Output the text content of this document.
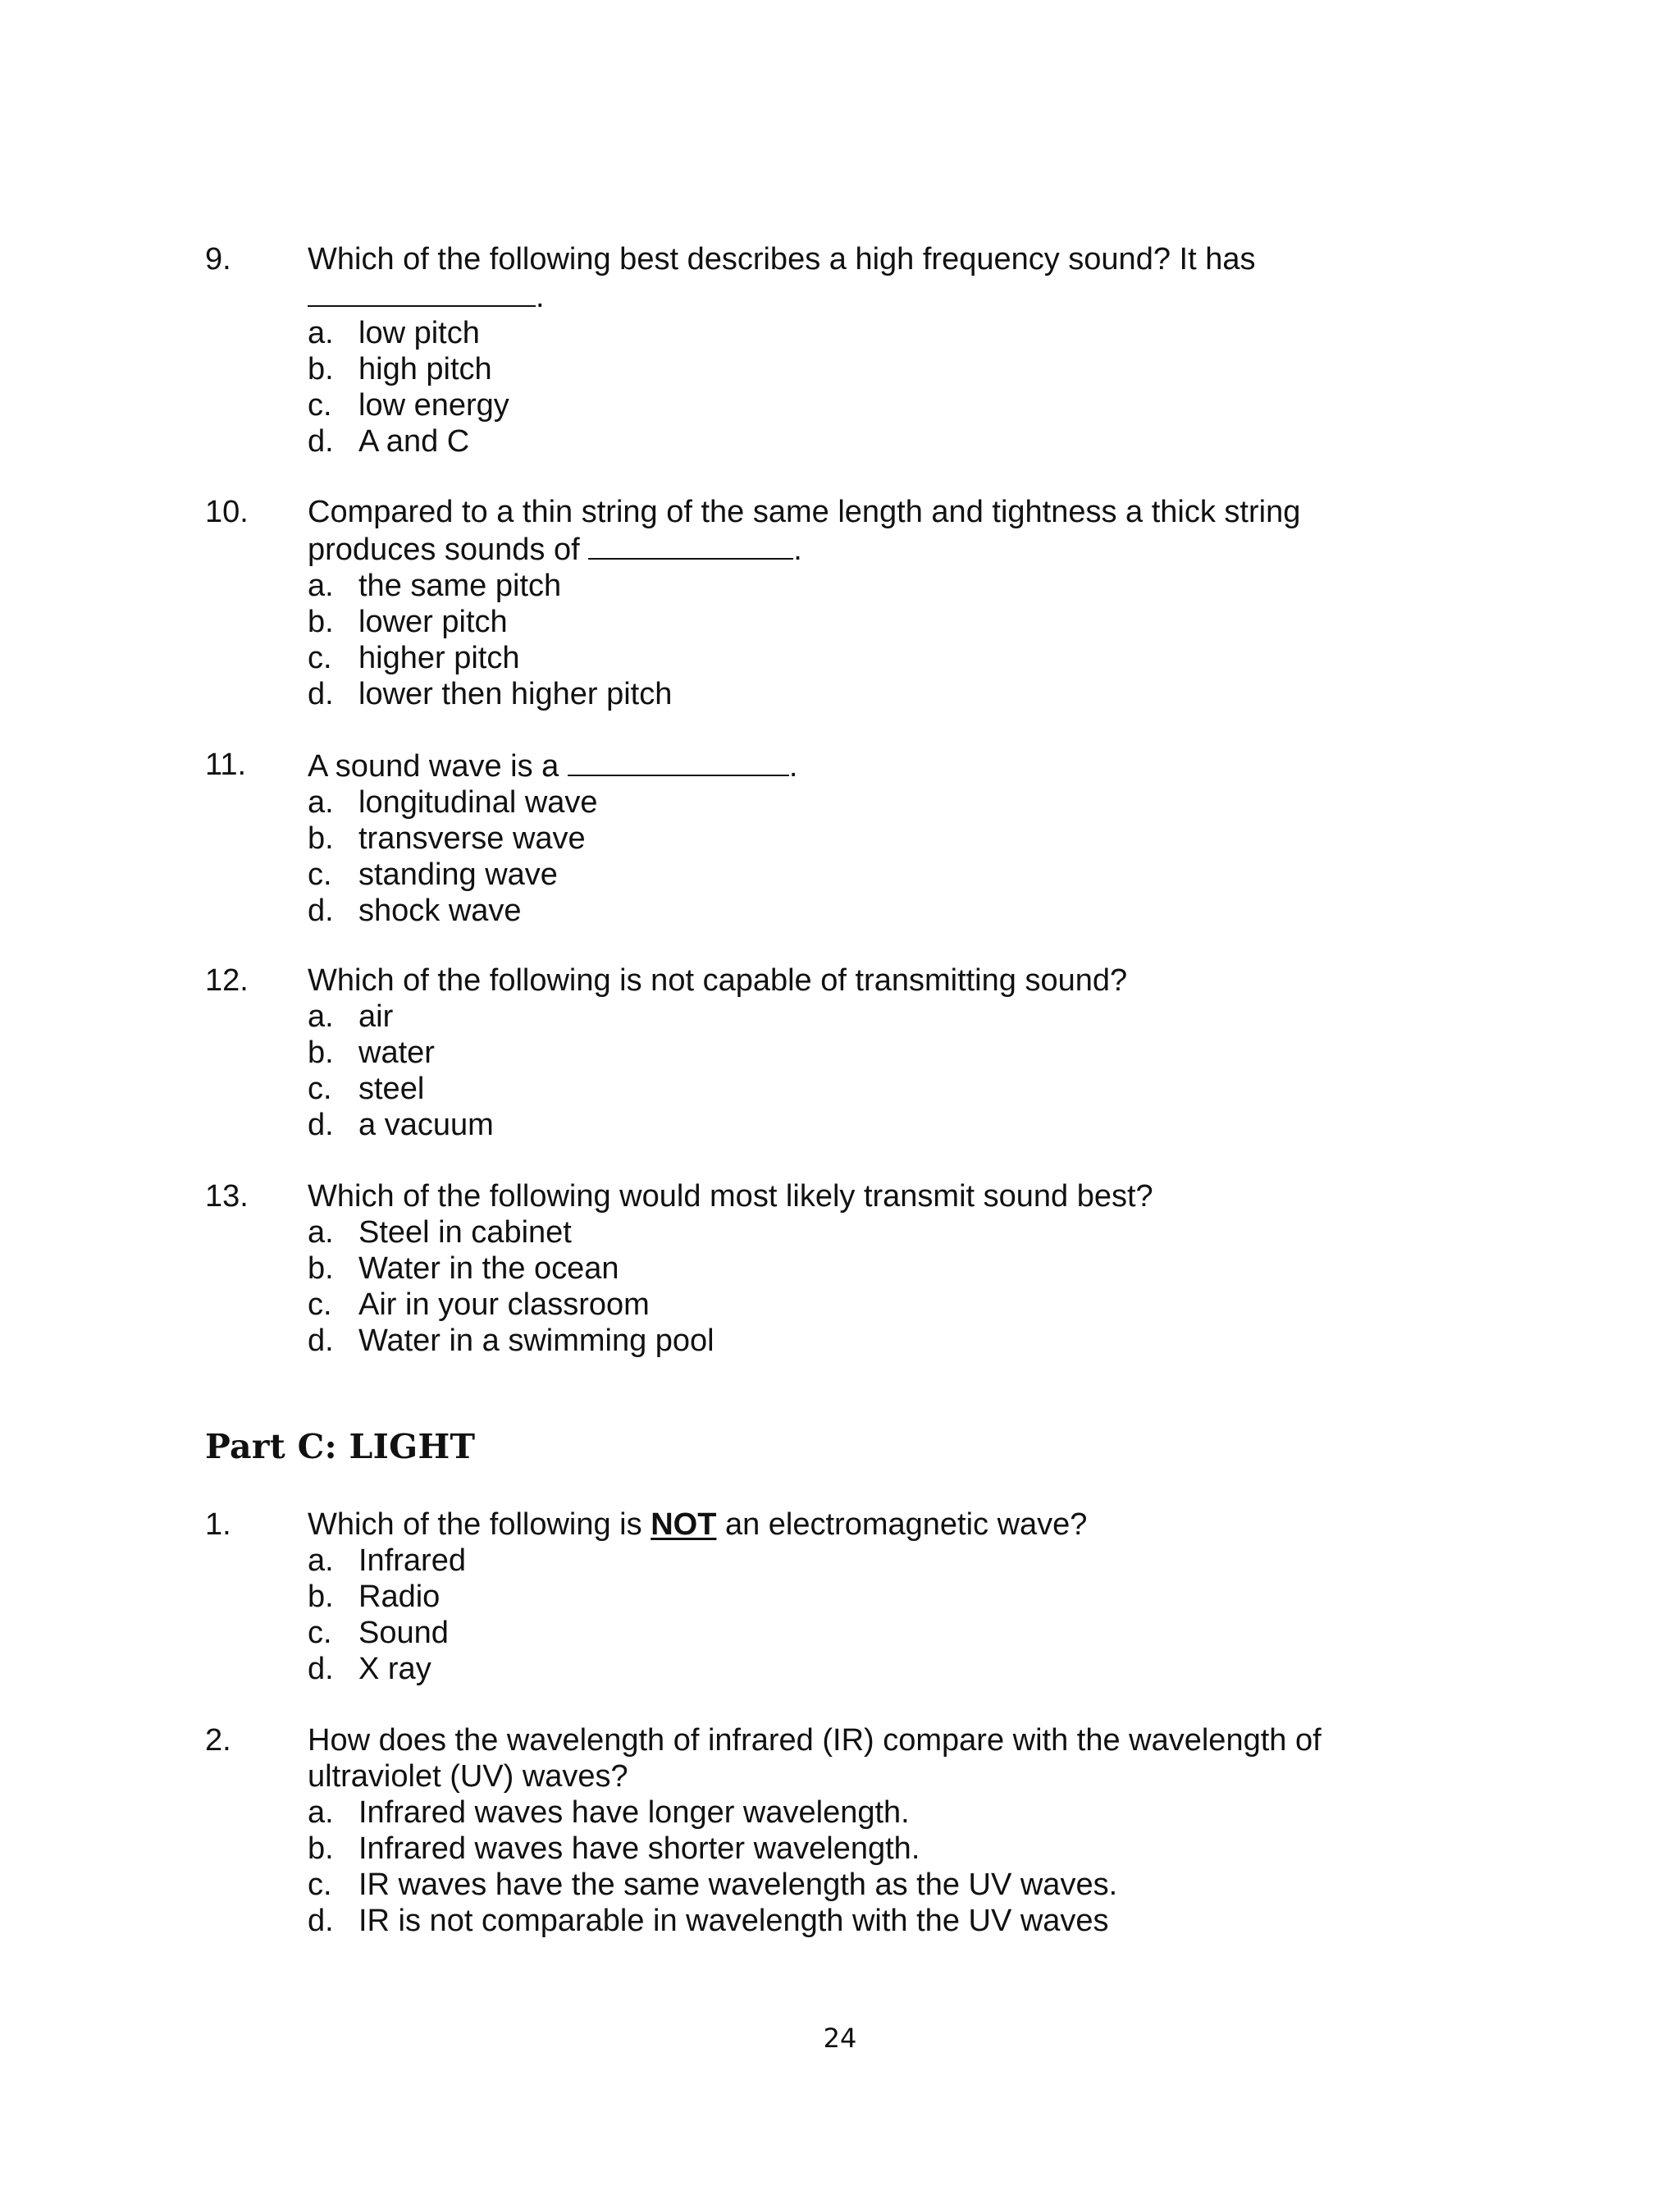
9.	Which of the following best describes a high frequency sound? It has
.
a. low pitch
b. high pitch
c. low energy
d. A and C
10.	Compared to a thin string of the same length and tightness a thick string
produces sounds of	.
a. the same pitch
b. lower pitch
c. higher pitch
d. lower then higher pitch
11.	A sound wave is a	.
a. longitudinal wave
b. transverse wave
c. standing wave
d. shock wave
12.	Which of the following is not capable of transmitting sound?
a. air
b. water
c. steel
d. a vacuum
13.	Which of the following would most likely transmit sound best?
a. Steel in cabinet
b. Water in the ocean
c. Air in your classroom
d. Water in a swimming pool
Part C: LIGHT
1.	Which of the following is NOT an electromagnetic wave?
a. Infrared
b. Radio
c. Sound
d. X ray
2.	How does the wavelength of infrared (IR) compare with the wavelength of
ultraviolet (UV) waves?
a. Infrared waves have longer wavelength.
b. Infrared waves have shorter wavelength.
c. IR waves have the same wavelength as the UV waves.
d. IR is not comparable in wavelength with the UV waves
24
